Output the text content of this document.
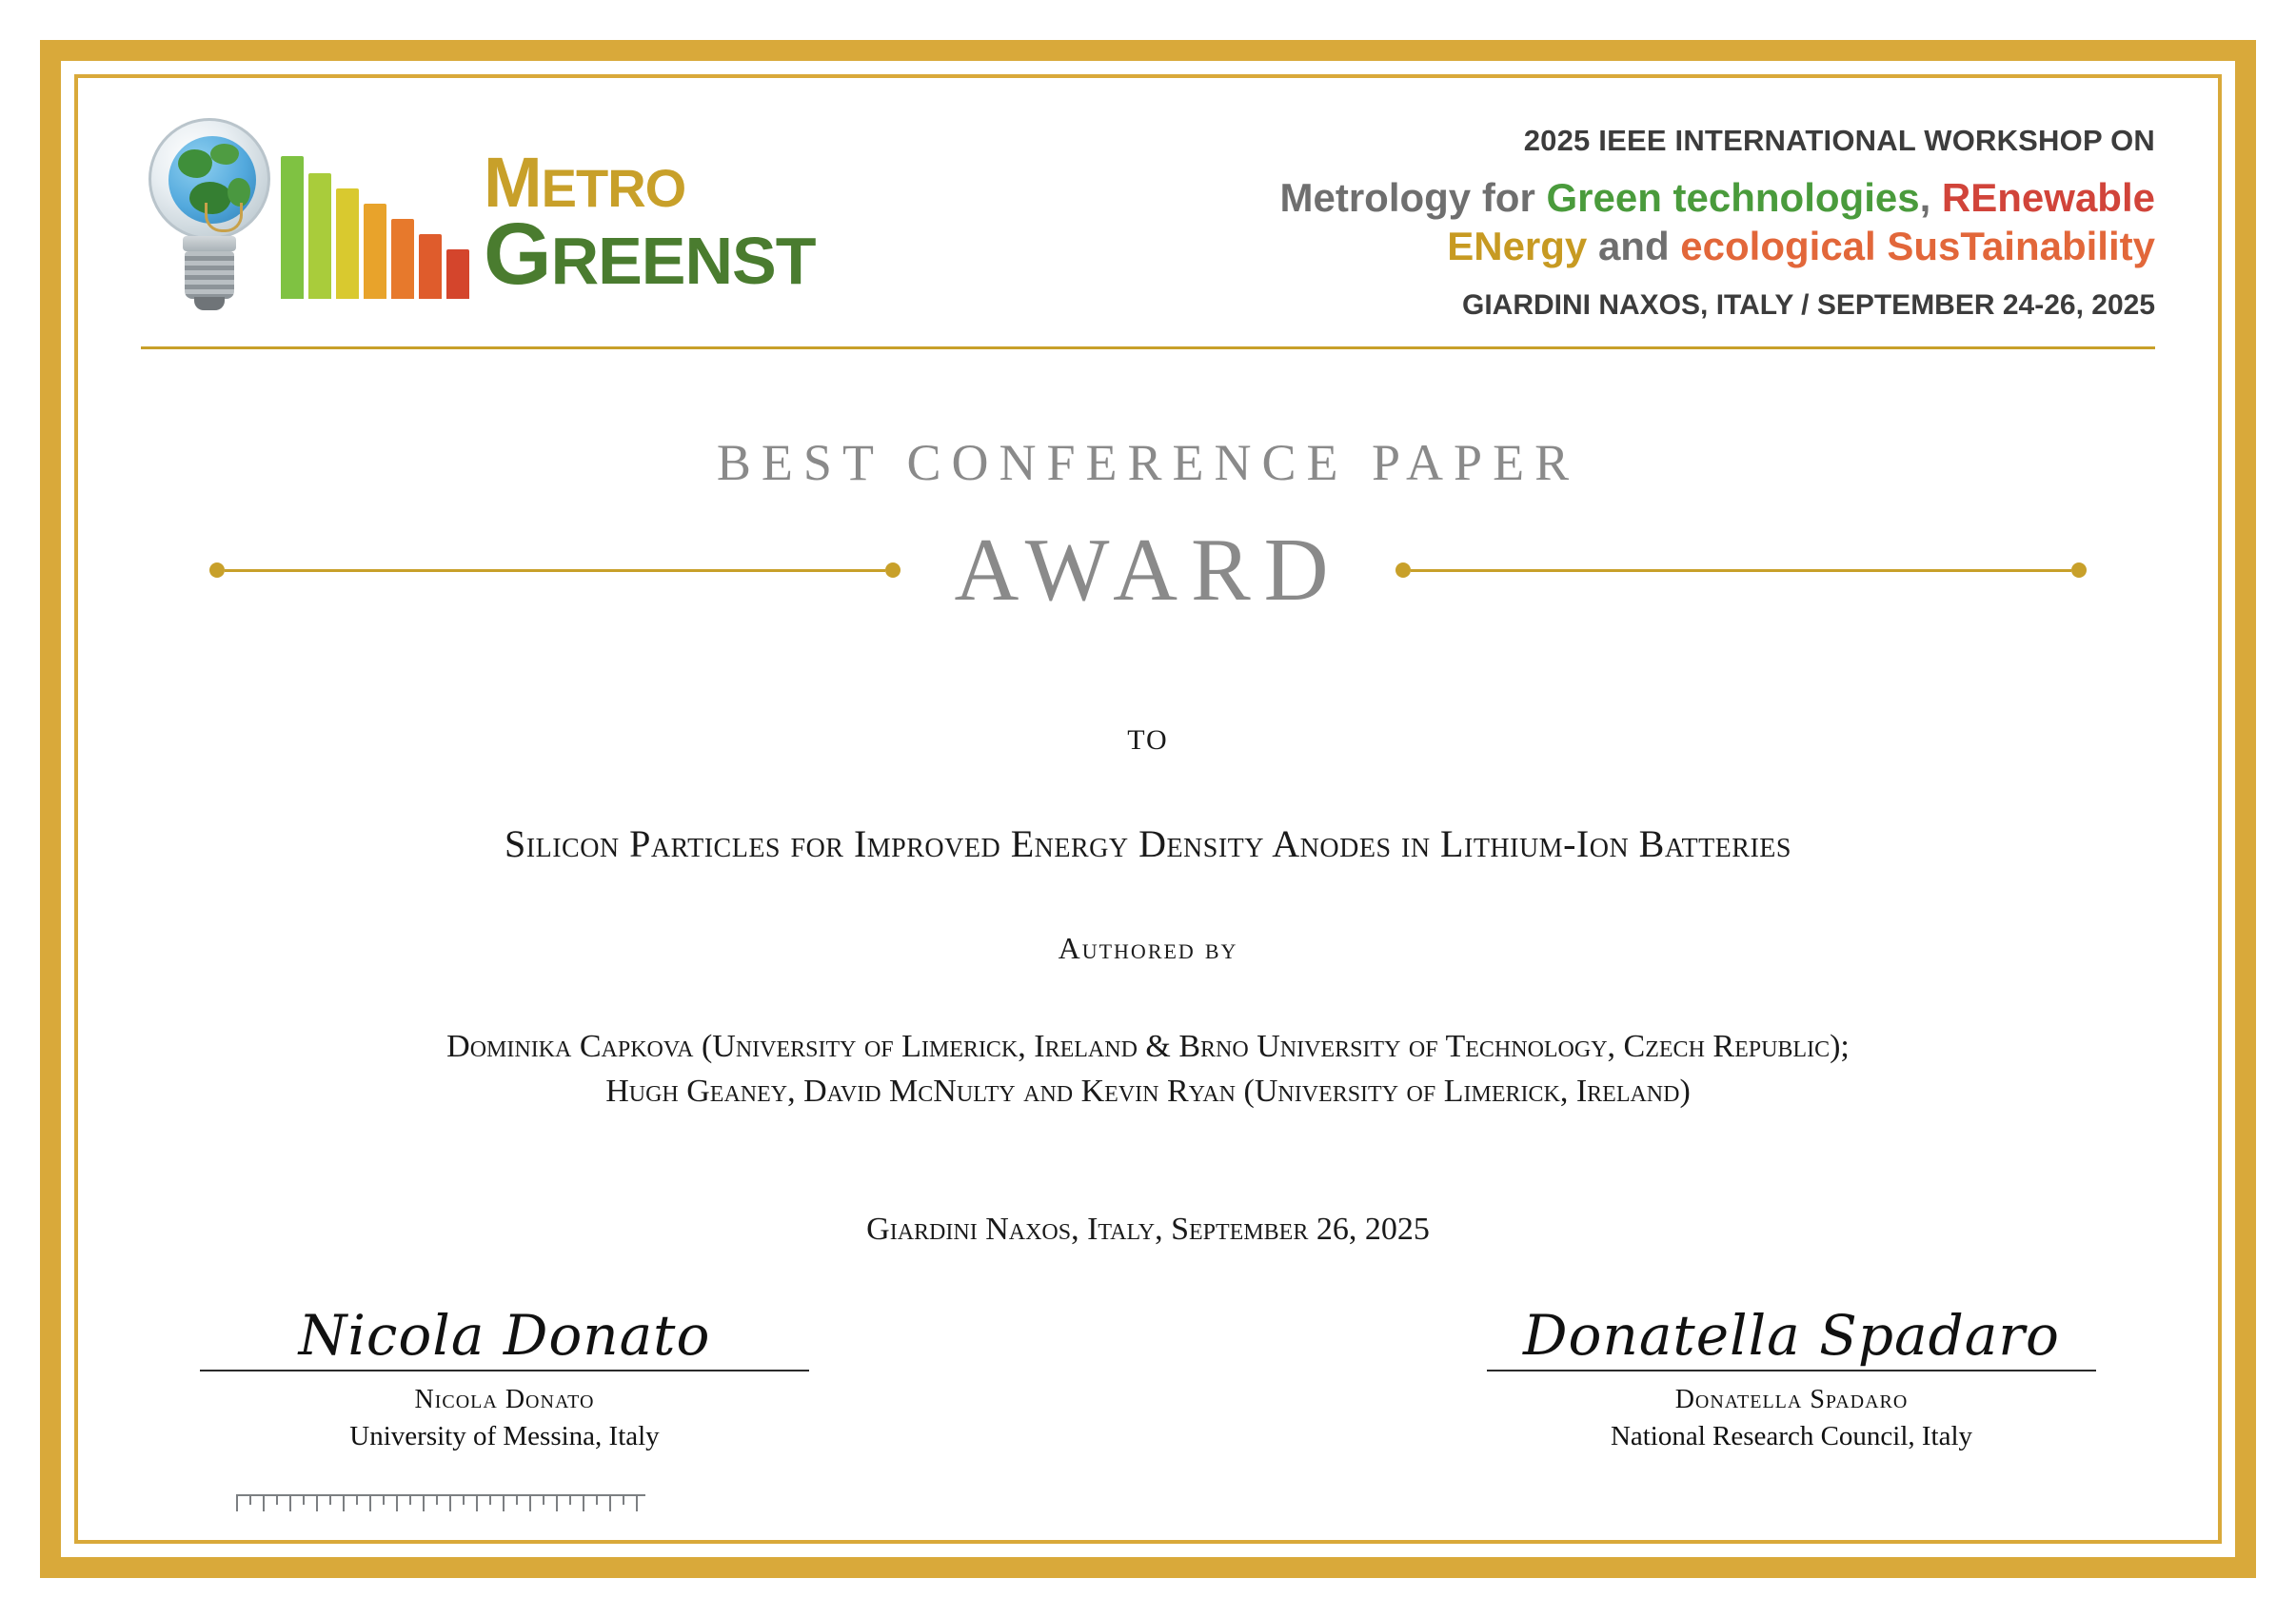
METRO
GREENST
2025 IEEE INTERNATIONAL WORKSHOP ON
Metrology for Green technologies, REnewable
ENergy and ecological SusTainability
GIARDINI NAXOS, ITALY / SEPTEMBER 24-26, 2025
BEST CONFERENCE PAPER
AWARD
TO
Silicon Particles for Improved Energy Density Anodes in Lithium-Ion Batteries
Authored by
Dominika Capkova (University of Limerick, Ireland & Brno University of Technology, Czech Republic);
Hugh Geaney, David McNulty and Kevin Ryan (University of Limerick, Ireland)
Giardini Naxos, Italy, September 26, 2025
Nicola Donato
Nicola Donato
University of Messina, Italy
Donatella Spadaro
Donatella Spadaro
National Research Council, Italy
